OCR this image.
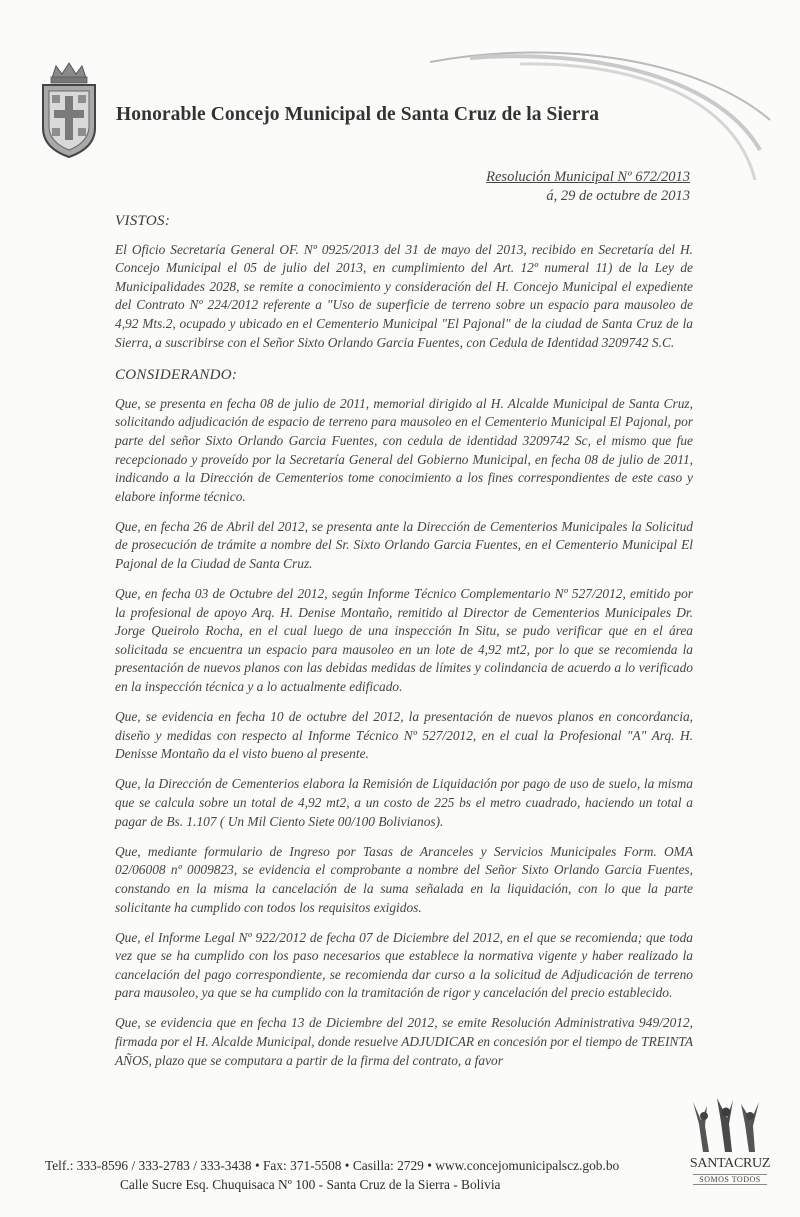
Honorable Concejo Municipal de Santa Cruz de la Sierra
Resolución Municipal Nº 672/2013
á, 29 de octubre de 2013
VISTOS:

El Oficio Secretaría General OF. Nº 0925/2013 del 31 de mayo del 2013, recibido en Secretaría del H. Concejo Municipal el 05 de julio del 2013, en cumplimiento del Art. 12º numeral 11) de la Ley de Municipalidades 2028, se remite a conocimiento y consideración del H. Concejo Municipal el expediente del Contrato Nº 224/2012 referente a "Uso de superficie de terreno sobre un espacio para mausoleo de 4,92 Mts.2, ocupado y ubicado en el Cementerio Municipal "El Pajonal" de la ciudad de Santa Cruz de la Sierra, a suscribirse con el Señor Sixto Orlando Garcia Fuentes, con Cedula de Identidad 3209742 S.C.

CONSIDERANDO:

Que, se presenta en fecha 08 de julio de 2011, memorial dirigido al H. Alcalde Municipal de Santa Cruz, solicitando adjudicación de espacio de terreno para mausoleo en el Cementerio Municipal El Pajonal, por parte del señor Sixto Orlando Garcia Fuentes, con cedula de identidad 3209742 Sc, el mismo que fue recepcionado y proveído por la Secretaría General del Gobierno Municipal, en fecha 08 de julio de 2011, indicando a la Dirección de Cementerios tome conocimiento a los fines correspondientes de este caso y elabore informe técnico.

Que, en fecha 26 de Abril del 2012, se presenta ante la Dirección de Cementerios Municipales la Solicitud de prosecución de trámite a nombre del Sr. Sixto Orlando Garcia Fuentes, en el Cementerio Municipal El Pajonal de la Ciudad de Santa Cruz.

Que, en fecha 03 de Octubre del 2012, según Informe Técnico Complementario Nº 527/2012, emitido por la profesional de apoyo Arq. H. Denise Montaño, remitido al Director de Cementerios Municipales Dr. Jorge Queirolo Rocha, en el cual luego de una inspección In Situ, se pudo verificar que en el área solicitada se encuentra un espacio para mausoleo en un lote de 4,92 mt2, por lo que se recomienda la presentación de nuevos planos con las debidas medidas de límites y colindancia de acuerdo a lo verificado en la inspección técnica y a lo actualmente edificado.

Que, se evidencia en fecha 10 de octubre del 2012, la presentación de nuevos planos en concordancia, diseño y medidas con respecto al Informe Técnico Nº 527/2012, en el cual la Profesional "A" Arq. H. Denisse Montaño da el visto bueno al presente.

Que, la Dirección de Cementerios elabora la Remisión de Liquidación por pago de uso de suelo, la misma que se calcula sobre un total de 4,92 mt2, a un costo de 225 bs el metro cuadrado, haciendo un total a pagar de Bs. 1.107 ( Un Mil Ciento Siete 00/100 Bolivianos).

Que, mediante formulario de Ingreso por Tasas de Aranceles y Servicios Municipales Form. OMA 02/06008 nº 0009823, se evidencia el comprobante a nombre del Señor Sixto Orlando Garcia Fuentes, constando en la misma la cancelación de la suma señalada en la liquidación, con lo que la parte solicitante ha cumplido con todos los requisitos exigidos.

Que, el Informe Legal Nº 922/2012 de fecha 07 de Diciembre del 2012, en el que se recomienda; que toda vez que se ha cumplido con los paso necesarios que establece la normativa vigente y haber realizado la cancelación del pago correspondiente, se recomienda dar curso a la solicitud de Adjudicación de terreno para mausoleo, ya que se ha cumplido con la tramitación de rigor y cancelación del precio establecido.

Que, se evidencia que en fecha 13 de Diciembre del 2012, se emite Resolución Administrativa 949/2012, firmada por el H. Alcalde Municipal, donde resuelve ADJUDICAR en concesión por el tiempo de TREINTA AÑOS, plazo que se computara a partir de la firma del contrato, a favor

Telf.: 333-8596 / 333-2783 / 333-3438 • Fax: 371-5508 • Casilla: 2729 • www.concejomunicipalscz.gob.bo
Calle Sucre Esq. Chuquisaca Nº 100 - Santa Cruz de la Sierra - Bolivia
SANTACRUZ
SOMOS TODOS
